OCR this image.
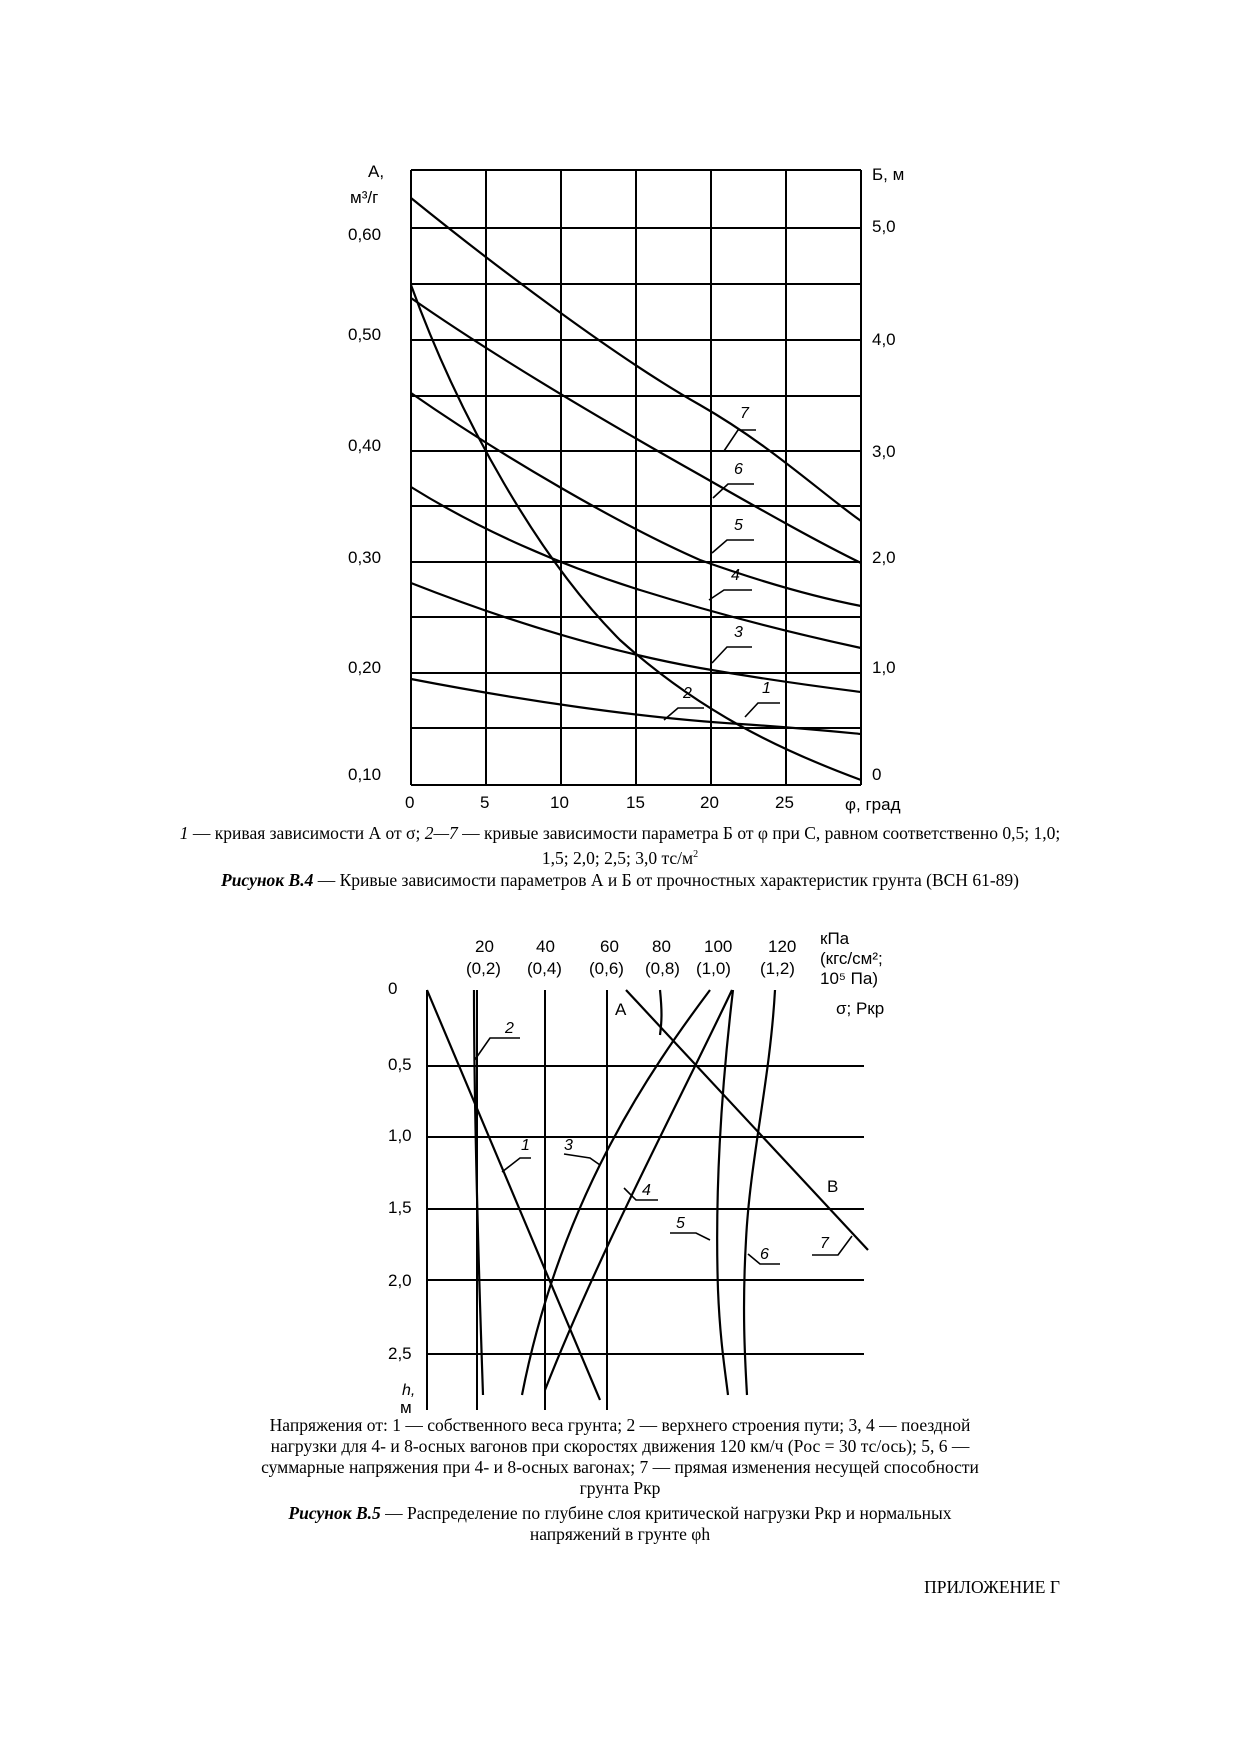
7
6
5
4
3
2	1
А,
м³/г
0,60
0,50
0,40
0,30
0,20
0,10
Б, м
5,0
4,0
3,0
2,0
1,0
0
0	5	10	15	20	25	φ, град
20 40	60 80 100 120
(0,2) (0,4) (0,6) (0,8) (1,0) (1,2)
кПа
(кгс/см²;
10⁵ Па)
σ; Pкр
2
1 3
4
5
6
7
А
В
0
0,5
1,0
1,5
2,0
2,5
h,
м
1 — кривая зависимости А от σ; 2—7 — кривые зависимости параметра Б от φ при С, равном соответственно 0,5; 1,0; 1,5; 2,0; 2,5; 3,0 $тс/м^2$
Рисунок В.4 — Кривые зависимости параметров А и Б от прочностных характеристик грунта (ВСН 61-89)
Напряжения от: 1 — собственного веса грунта; 2 — верхнего строения пути; 3, 4 — поездной
нагрузки для 4- и 8-осных вагонов при скоростях движения 120 км/ч (Pос = 30 тс/ось); 5, 6 —
суммарные напряжения при 4- и 8-осных вагонах; 7 — прямая изменения несущей способности
грунта Pкр
Рисунок В.5 — Распределение по глубине слоя критической нагрузки Pкр и нормальных
напряжений в грунте φh
ПРИЛОЖЕНИЕ Г
